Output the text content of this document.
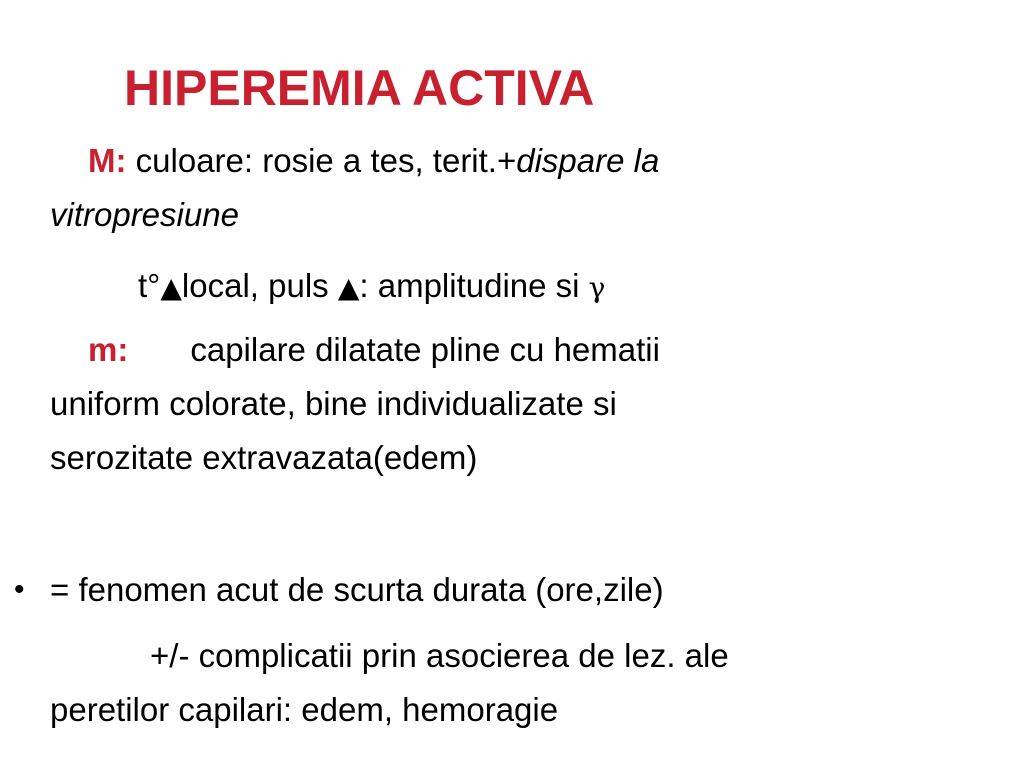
HIPEREMIA ACTIVA
M: culoare: rosie a tes, terit.+dispare la
vitropresiune
t°▲local, puls ▲: amplitudine si γ
m: capilare dilatate pline cu hematii
uniform colorate, bine individualizate si
serozitate extravazata(edem)
• = fenomen acut de scurta durata (ore,zile)
+/- complicatii prin asocierea de lez. ale
peretilor capilari: edem, hemoragie
